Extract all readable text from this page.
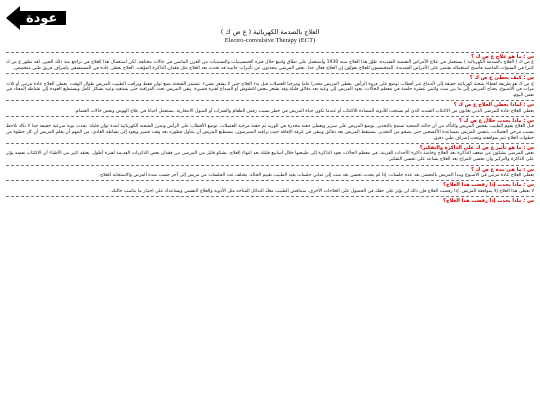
عودة
العلاج بالصدمة الكهربائية ( ع ص ك )
Electro-convulsive Therapy (ECT)

س : ما هو علاج ع ص ك ؟

ع ص ك ( العلاج بالصدمة الكهربائية ) يستعمل في علاج الأمراض النفسية الشديدة. طوّر هذا العلاج سنة 1930 واستعمل على نطاق واسع خلال فترة الخمسينيات والستينيات من القرن الماضي في حالات مختلفة. لكن استعمال هذا العلاج في تراجع منذ ذلك الحين. لقد تطور ع ص ك كثيرا في السنوات الماضية فأصبح استعماله يقتصر على الأمراض الشديدة. المتحمسون للعلاج يقولون إن العلاج فعال جدا. بعض المرضى يتحدثون عن تأثيرات جانبية قد تحدث بعد العلاج مثل فقدان الذاكرة المؤقت. العلاج يعطى عادة في المستشفى بإشراف فريق طبي متخصص.

س : كيف يعطى ع ص ك ؟

ع ص ك هو طريقة لعطاء شحنة كهربائية خفيفة إلى الدماغ عبر أقطاب توضع على فروة الرأس. يعطى المريض مخدرا عاما ومرخيا للعضلات قبل بدء العلاج حتى لا يشعر بشيء. تستمر الشحنة بضع ثوان فقط ويراقب الطبيب المريض طوال الوقت. يعطى العلاج عادة مرتين أو ثلاث مرات في الأسبوع. يحتاج المريض إلى ما بين ست واثنتي عشرة جلسة في معظم الحالات. يعود المريض إلى وعيه بعد دقائق قليلة وقد يشعر ببعض التشوش أو الصداع لفترة قصيرة. يبقى المريض تحت المراقبة حتى يستعيد وعيه بشكل كامل ويستطيع العودة إلى نشاطه المعتاد في نفس اليوم.

س : لماذا يعطى العلاج ع ص ك ؟

يعطى العلاج عادة للمرضى الذين يعانون من الاكتئاب الشديد الذي لم يستجب للأدوية المضادة للاكتئاب أو عندما تكون حياة المريض في خطر بسبب رفض الطعام والشراب أو الميول الانتحارية. يستعمل أحيانا في علاج الهوس وبعض حالات الفصام.

س : ماذا يحدث خلال ع ص ك ؟

قبل العلاج يقوم الطبيب بفحص المريض والتأكد من أن حالته الصحية تسمح بالتخدير. يوضع المريض على سرير ويعطى حقنة مخدرة في الوريد ثم حقنة مرخية للعضلات. توضع الأقطاب على الرأس وتمرر الشحنة الكهربائية لمدة ثوان قليلة. يحدث نوبة صرعية خفيفة جدا لا تكاد تلاحظ بسبب مرخي العضلات. يتنفس المريض بمساعدة الأكسجين حتى يصحو من التخدير. يستيقظ المريض بعد دقائق ويبقى في غرفة الإفاقة حيث يراقبه الممرضون. يستطيع المريض أن يتناول فطوره بعد وقت قصير ويعود إلى نشاطه العادي. من المهم أن يعلم المريض أن كل خطوة من خطوات العلاج تتم بموافقته وتحت إشراف طبي دقيق.

س : ما هو تأثير ع ص ك على الذاكرة والتفكير؟

بعض المرضى يشكون من ضعف الذاكرة بعد العلاج وخاصة ذاكرة الأحداث القريبة. في معظم الحالات تعود الذاكرة إلى طبيعتها خلال أسابيع قليلة بعد انتهاء العلاج. يشكو قليل من المرضى من فقدان بعض الذكريات القديمة لفترة أطول. يعتقد كثير من الأطباء أن الاكتئاب نفسه يؤثر على الذاكرة والتركيز وأن تحسن المزاج بعد العلاج يساعد على تحسن التفكير.

س : ما هي مدة ع ص ك ؟

يعطى العلاج عادة مرتين في الأسبوع ويبدأ المريض بالتحسن بعد عدة جلسات. إذا لم يحدث تحسن بعد ست إلى ثماني جلسات يعيد الطبيب تقييم الحالة. يختلف عدد الجلسات من مريض إلى آخر حسب شدة المرض والاستجابة للعلاج.

س : ماذا يحدث إذا رفضت هذا العلاج؟

لا يعطى هذا العلاج إلا بموافقة المريض. إذا رفضت العلاج فإن ذلك لن يؤثر على حقك في الحصول على العلاجات الأخرى. سيناقش الطبيب معك البدائل المتاحة مثل الأدوية والعلاج النفسي ويساعدك على اختيار ما يناسب حالتك.

س : ماذا يحدث إذا رفضت هذا العلاج؟
